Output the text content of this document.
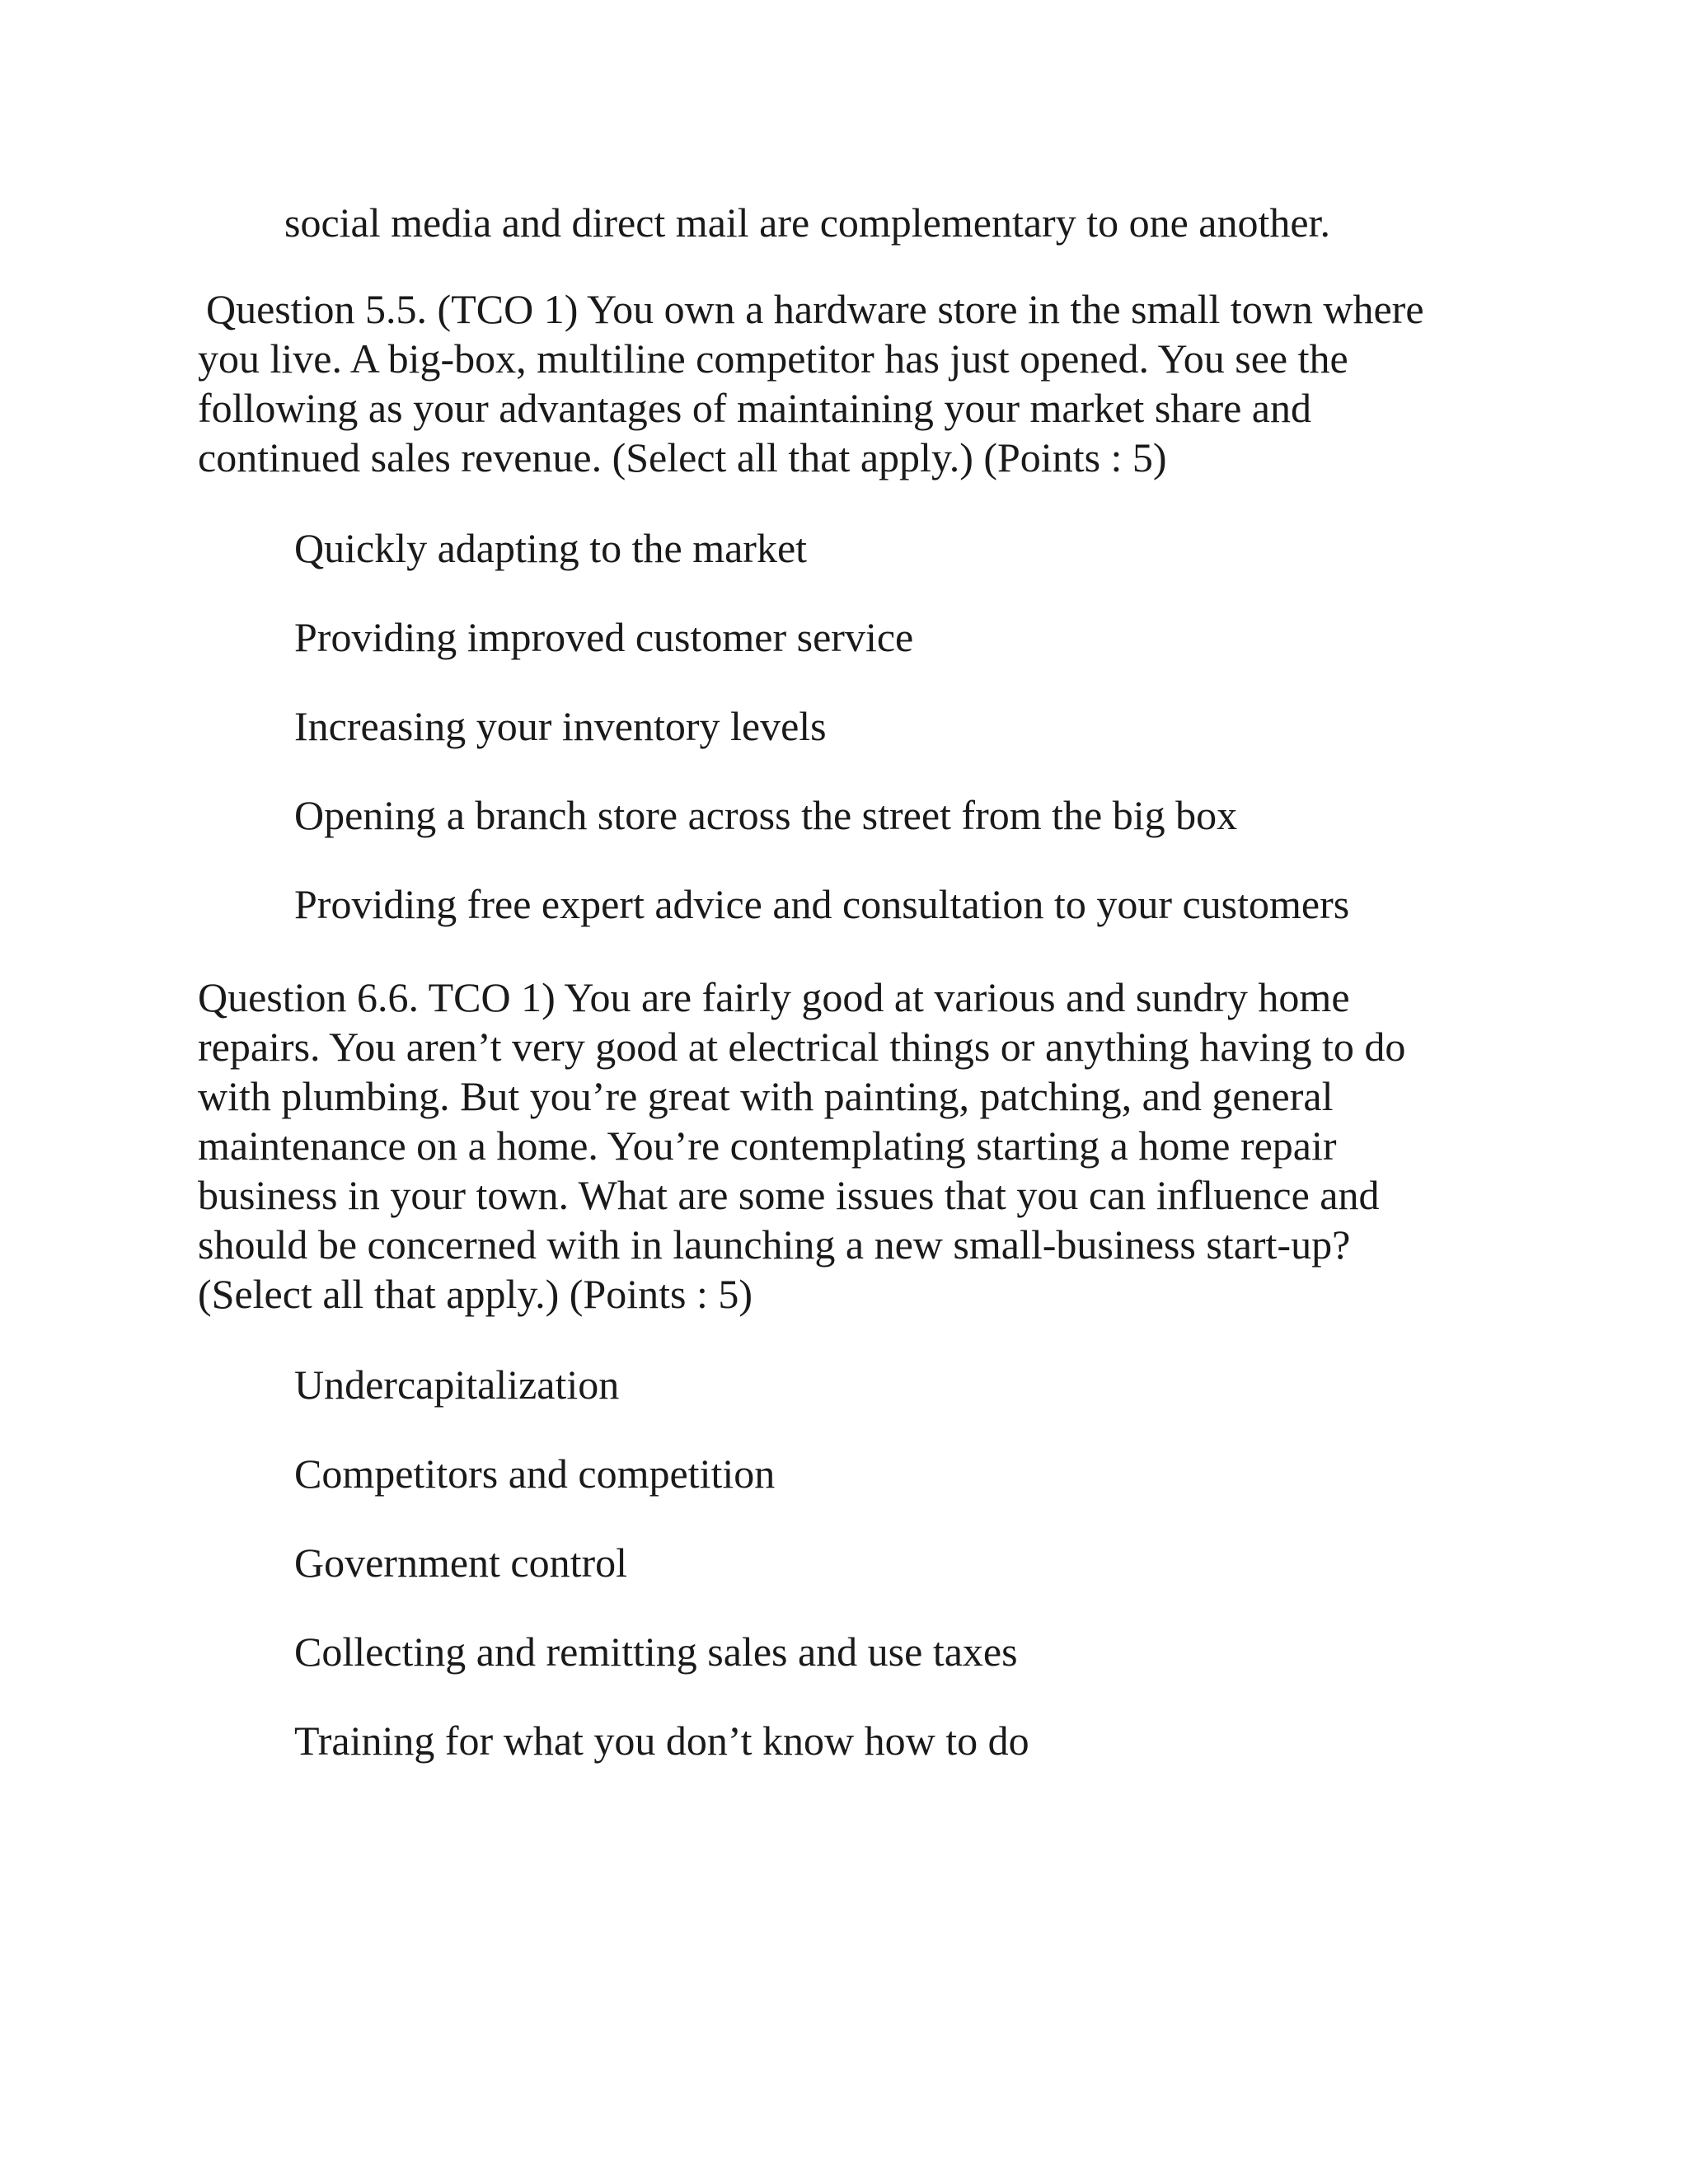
social media and direct mail are complementary to one another.

Question 5.5. (TCO 1) You own a hardware store in the small town where you live. A big-box, multiline competitor has just opened. You see the following as your advantages of maintaining your market share and continued sales revenue. (Select all that apply.) (Points : 5)

Quickly adapting to the market
Providing improved customer service
Increasing your inventory levels
Opening a branch store across the street from the big box
Providing free expert advice and consultation to your customers

Question 6.6. TCO 1) You are fairly good at various and sundry home repairs. You aren’t very good at electrical things or anything having to do with plumbing. But you’re great with painting, patching, and general maintenance on a home. You’re contemplating starting a home repair business in your town. What are some issues that you can influence and should be concerned with in launching a new small-business start-up? (Select all that apply.) (Points : 5)

Undercapitalization
Competitors and competition
Government control
Collecting and remitting sales and use taxes
Training for what you don’t know how to do
